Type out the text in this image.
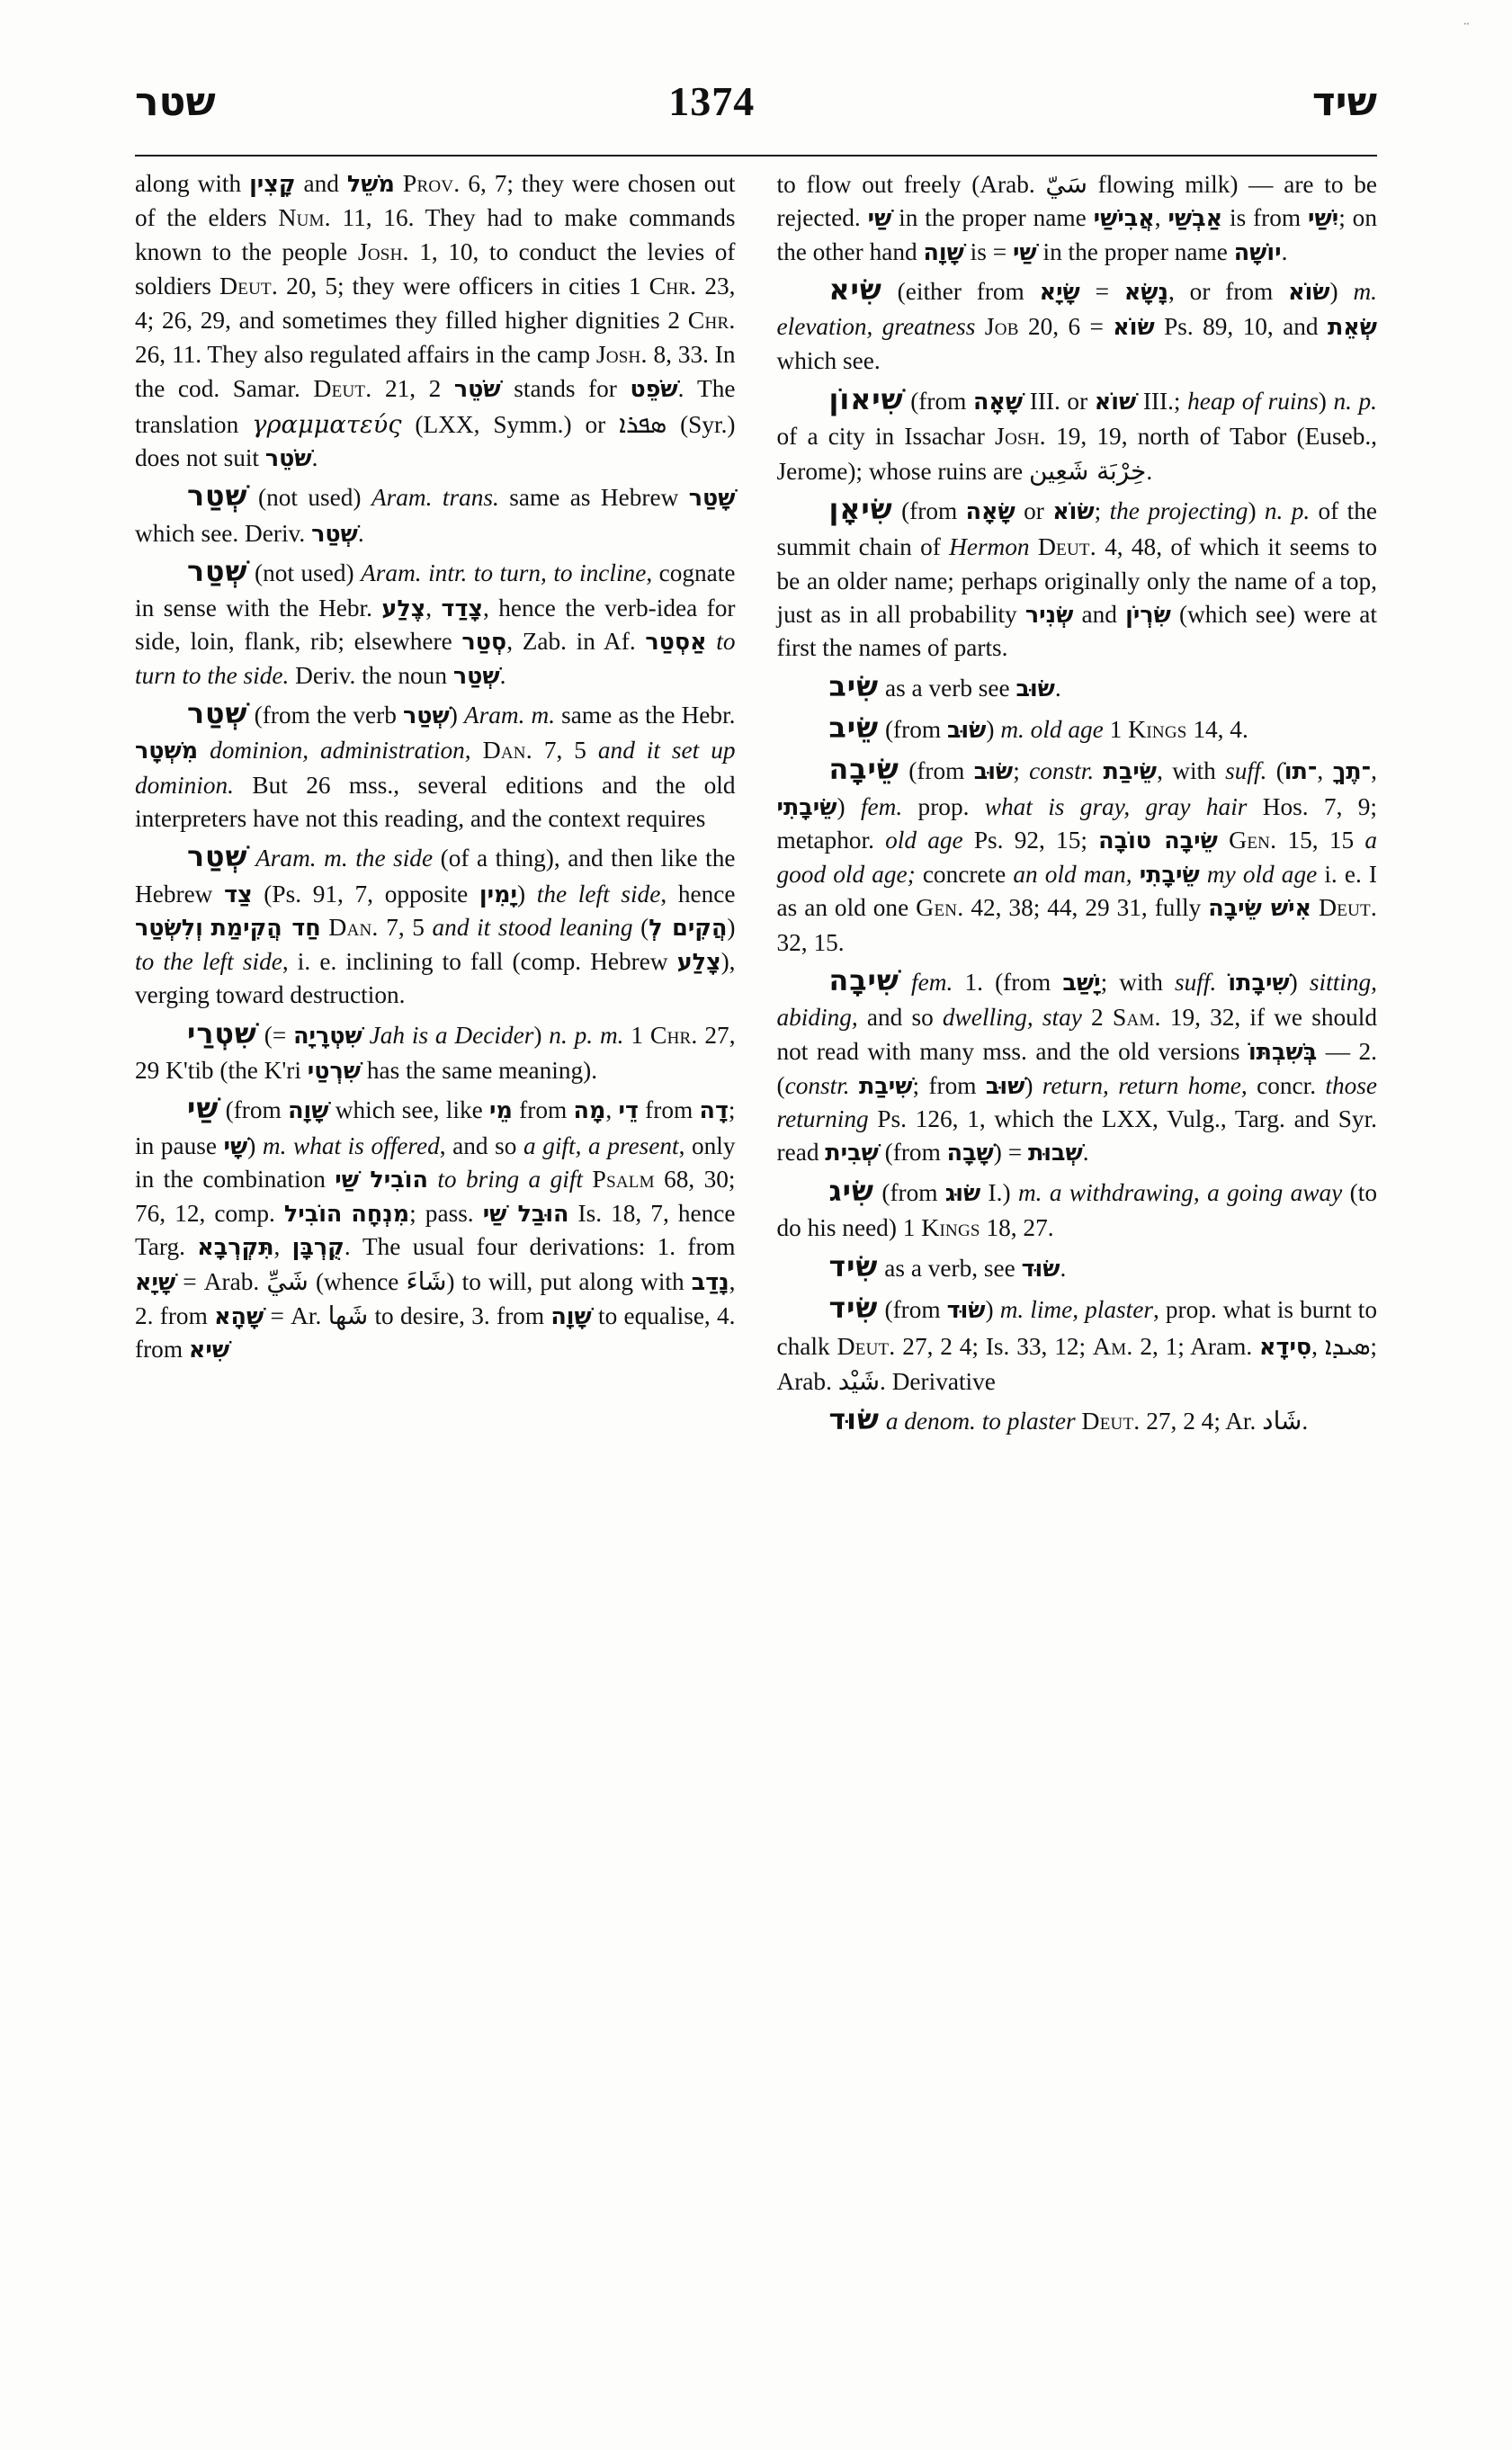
∙∙
שטר	1374	שיד

along with קָצִין and מֹשֵׁל Prov. 6, 7; they were chosen out of the elders Num. 11, 16. They had to make commands known to the people Josh. 1, 10, to conduct the levies of soldiers Deut. 20, 5; they were officers in cities 1 Chr. 23, 4; 26, 29, and sometimes they filled higher dignities 2 Chr. 26, 11. They also regulated affairs in the camp Josh. 8, 33. In the cod. Samar. Deut. 21, 2 שֹׁטֵר stands for שֹׁפֵט. The translation γραμματεύς (LXX, Symm.) or ܣܦܪܐ (Syr.) does not suit שֹׁטֵר.

שְׁטַר (not used) Aram. trans. same as Hebrew שָׁטַר which see. Deriv. שְׁטַר.

שְׁטַר (not used) Aram. intr. to turn, to incline, cognate in sense with the Hebr. צֶלַע, צָדַד, hence the verb-idea for side, loin, flank, rib; elsewhere סְטַר, Zab. in Af. אַסְטַר to turn to the side. Deriv. the noun שְׁטַר.

שְׁטַר (from the verb שְׁטַר) Aram. m. same as the Hebr. מִשְׁטָר dominion, administration, Dan. 7, 5 and it set up dominion. But 26 mss., several editions and the old interpreters have not this reading, and the context requires

שְׁטַר Aram. m. the side (of a thing), and then like the Hebrew צַד (Ps. 91, 7, opposite יָמִין) the left side, hence וְלִשְׂטַר חַד הֲקִימַת Dan. 7, 5 and it stood leaning (הֲקִים לְ) to the left side, i. e. inclining to fall (comp. Hebrew צָלַע), verging toward destruction.

שִׁטְרַי (= שִׁטְרָיָה Jah is a Decider) n. p. m. 1 Chr. 27, 29 K'tib (the K'ri שִׁרְטַי has the same meaning).

שַׁי (from שָׁוָה which see, like מֵי from מָה, דֵי from דָה; in pause שָׁי) m. what is offered, and so a gift, a present, only in the combination הוֹבִיל שַׁי to bring a gift Psalm 68, 30; 76, 12, comp. הוֹבִיל מִנְחָה; pass. הוּבַל שַׁי Is. 18, 7, hence Targ. תִּקְרְבָא, קֻרְבָּן. The usual four derivations: 1. from שָׁיָא = Arab. شَيِّ (whence شَاءَ) to will, put along with נָדַב, 2. from שָׁהָא = Ar. شَها to desire, 3. from שָׁוָה to equalise, 4. from שִׁיא

to flow out freely (Arab. سَيّ flowing milk) — are to be rejected. שַׁי in the proper name אֲבִישַׁי, אַבְשַׁי is from יִשַׁי; on the other hand שָׁוָה is = שַׁי in the proper name יוֹשָׁה.

שִׂיא (either from שָׂיָא = נָשָׂא, or from שׂוֹא) m. elevation, greatness Job 20, 6 = שׂוֹא Ps. 89, 10, and שְׂאֵת which see.

שִׁיאוֹן (from שָׁאָה III. or שׁוֹא III.; heap of ruins) n. p. of a city in Issachar Josh. 19, 19, north of Tabor (Euseb., Jerome); whose ruins are خِرْبَة شَعِين.

שִׂיאָן (from שָׂאָה or שׂוֹא; the projecting) n. p. of the summit chain of Hermon Deut. 4, 48, of which it seems to be an older name; perhaps originally only the name of a top, just as in all probability שְׂנִיר and שִׂרְיֹן (which see) were at first the names of parts.

שִׂיב as a verb see שׂוּב.

שֵׂיב (from שׂוּב) m. old age 1 Kings 14, 4.

שֵׂיבָה (from שׂוּב; constr. שֵׂיבַת, with suff. (־תוֹ, ־תֶךָ, שֵׂיבָתִי) fem. prop. what is gray, gray hair Hos. 7, 9; metaphor. old age Ps. 92, 15; שֵׂיבָה טוֹבָה Gen. 15, 15 a good old age; concrete an old man, שֵׂיבָתִי my old age i. e. I as an old one Gen. 42, 38; 44, 29 31, fully אִישׁ שֵׂיבָה Deut. 32, 15.

שִׁיבָה fem. 1. (from יָשַׁב; with suff. שִׁיבָתוֹ) sitting, abiding, and so dwelling, stay 2 Sam. 19, 32, if we should not read with many mss. and the old versions בְּשִׁבְתּוֹ — 2. (constr. שִׁיבַת; from שׁוּב) return, return home, concr. those returning Ps. 126, 1, which the LXX, Vulg., Targ. and Syr. read שְׁבִית (from שָׁבָה) = שְׁבוּת.

שִׂיג (from שׂוּג I.) m. a withdrawing, a going away (to do his need) 1 Kings 18, 27.

שִׂיד as a verb, see שׂוּד.

שִׂיד (from שׂוּד) m. lime, plaster, prop. what is burnt to chalk Deut. 27, 2 4; Is. 33, 12; Am. 2, 1; Aram. סִידָא, ܣܝܕܐ; Arab. شَيْد. Derivative

שׂוּד a denom. to plaster Deut. 27, 2 4; Ar. شَاد.
